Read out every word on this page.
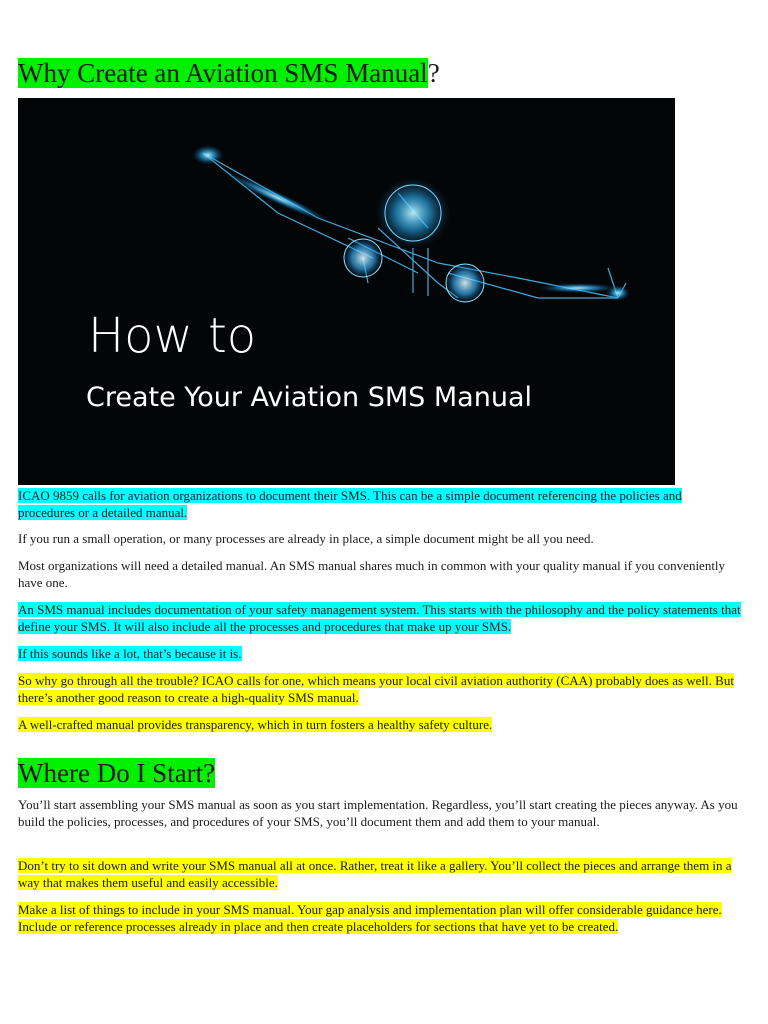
Why Create an Aviation SMS Manual?
How to
Create Your Aviation SMS Manual

ICAO 9859 calls for aviation organizations to document their SMS. This can be a simple document referencing the policies and procedures or a detailed manual.

If you run a small operation, or many processes are already in place, a simple document might be all you need.

Most organizations will need a detailed manual. An SMS manual shares much in common with your quality manual if you conveniently have one.

An SMS manual includes documentation of your safety management system. This starts with the philosophy and the policy statements that define your SMS. It will also include all the processes and procedures that make up your SMS.

If this sounds like a lot, that’s because it is.

So why go through all the trouble? ICAO calls for one, which means your local civil aviation authority (CAA) probably does as well. But there’s another good reason to create a high-quality SMS manual.

A well-crafted manual provides transparency, which in turn fosters a healthy safety culture.

Where Do I Start?

You’ll start assembling your SMS manual as soon as you start implementation. Regardless, you’ll start creating the pieces anyway. As you build the policies, processes, and procedures of your SMS, you’ll document them and add them to your manual.

Don’t try to sit down and write your SMS manual all at once. Rather, treat it like a gallery. You’ll collect the pieces and arrange them in a way that makes them useful and easily accessible.

Make a list of things to include in your SMS manual. Your gap analysis and implementation plan will offer considerable guidance here. Include or reference processes already in place and then create placeholders for sections that have yet to be created.
